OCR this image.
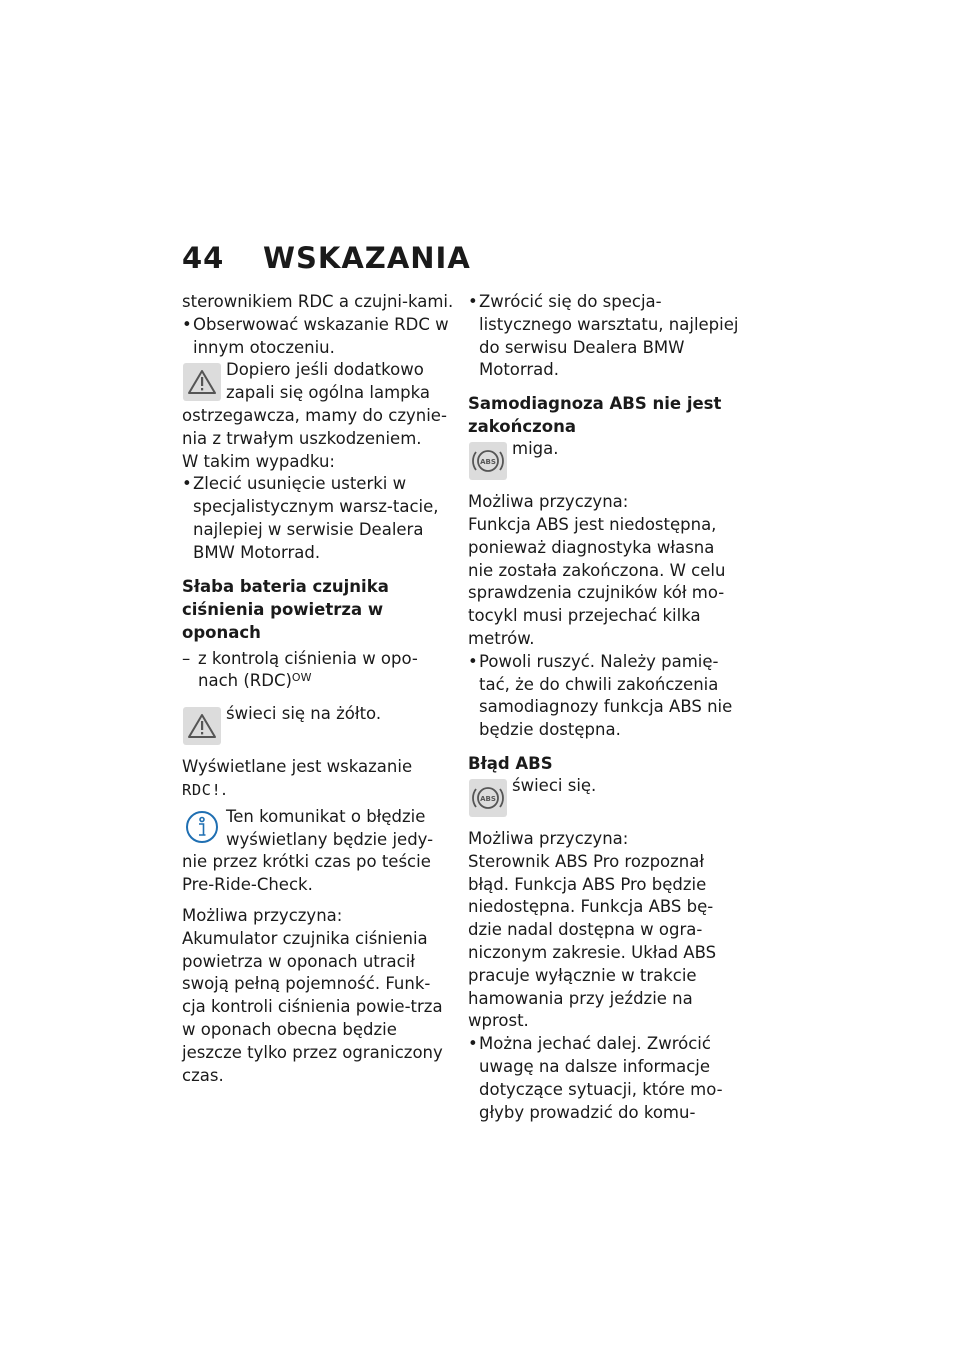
44 WSKAZANIA

sterownikiem RDC a czujni-kami.

• Obserwować wskazanie RDC w innym otoczeniu.

Dopiero jeśli dodatkowo zapali się ogólna lampka ostrzegawcza, mamy do czynie-nia z trwałym uszkodzeniem.

W takim wypadku:

• Zlecić usunięcie usterki w specjalistycznym warsz-tacie, najlepiej w serwisie Dealera BMW Motorrad.

Słaba bateria czujnika ciśnienia powietrza w oponach

– z kontrolą ciśnienia w opo-nach (RDC)$^{OW}$

świeci się na żółto.

Wyświetlane jest wskazanie

RDC!.

Ten komunikat o błędzie wyświetlany będzie jedy-nie przez krótki czas po teście Pre-Ride-Check.

Możliwa przyczyna:

Akumulator czujnika ciśnienia powietrza w oponach utracił swoją pełną pojemność. Funk-cja kontroli ciśnienia powie-trza w oponach obecna będzie jeszcze tylko przez ograniczony czas.

• Zwrócić się do specja-listycznego warsztatu, najlepiej do serwisu Dealera BMW Motorrad.

Samodiagnoza ABS nie jest zakończona

ABS

miga.

Możliwa przyczyna:

Funkcja ABS jest niedostępna, ponieważ diagnostyka własna nie została zakończona. W celu sprawdzenia czujników kół mo-tocykl musi przejechać kilka metrów.

• Powoli ruszyć. Należy pamię-tać, że do chwili zakończenia samodiagnozy funkcja ABS nie będzie dostępna.

Błąd ABS

ABS

świeci się.

Możliwa przyczyna:

Sterownik ABS Pro rozpoznał błąd. Funkcja ABS Pro będzie niedostępna. Funkcja ABS bę-dzie nadal dostępna w ogra-niczonym zakresie. Układ ABS pracuje wyłącznie w trakcie hamowania przy jeździe na wprost.

• Można jechać dalej. Zwrócić uwagę na dalsze informacje dotyczące sytuacji, które mo-głyby prowadzić do komu-
